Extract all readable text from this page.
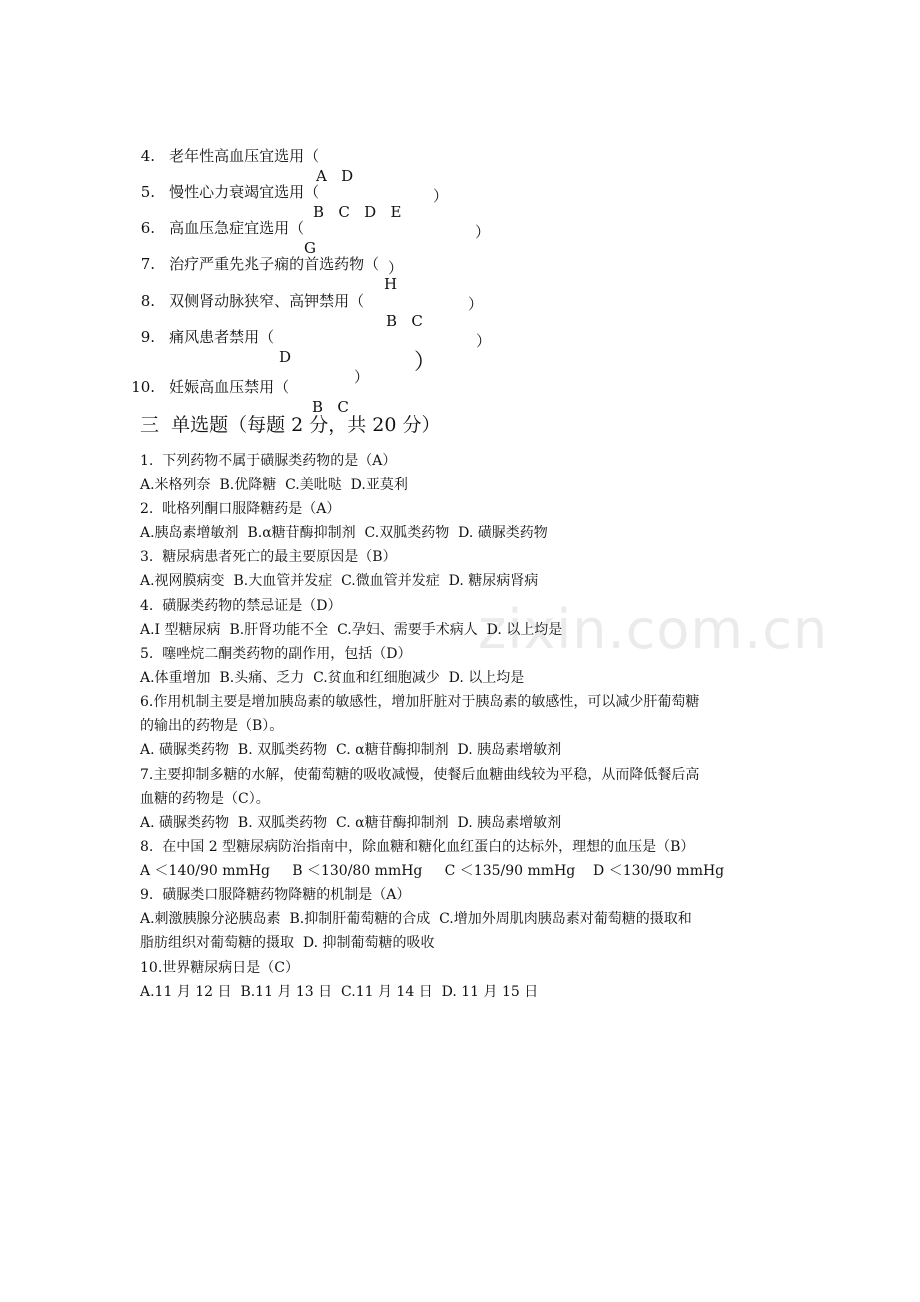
4. 老年性高血压宜选用（

A   D

）

5. 慢性心力衰竭宜选用（

B   C   D   E

）

6. 高血压急症宜选用（

G

）

7. 治疗严重先兆子痫的首选药物（

H

）

8. 双侧肾动脉狭窄、高钾禁用（

B   C

）

9. 痛风患者禁用（

D

）

10. 妊娠高血压禁用（

B   C

）

三  单选题（每题 2 分，共 20 分）
1.  下列药物不属于磺脲类药物的是（A）
A.米格列奈  B.优降糖  C.美吡哒  D.亚莫利
2.  吡格列酮口服降糖药是（A）
A.胰岛素增敏剂  B.α糖苷酶抑制剂  C.双胍类药物  D. 磺脲类药物
3.  糖尿病患者死亡的最主要原因是（B）
A.视网膜病变  B.大血管并发症  C.微血管并发症  D. 糖尿病肾病
4.  磺脲类药物的禁忌证是（D）
A.I 型糖尿病  B.肝肾功能不全  C.孕妇、需要手术病人  D. 以上均是
5.  噻唑烷二酮类药物的副作用，包括（D）
A.体重增加  B.头痛、乏力  C.贫血和红细胞减少  D. 以上均是
6.作用机制主要是增加胰岛素的敏感性，增加肝脏对于胰岛素的敏感性，可以减少肝葡萄糖
的输出的药物是（B）。
A. 磺脲类药物  B. 双胍类药物  C. α糖苷酶抑制剂  D. 胰岛素增敏剂
7.主要抑制多糖的水解，使葡萄糖的吸收减慢，使餐后血糖曲线较为平稳，从而降低餐后高
血糖的药物是（C）。
A. 磺脲类药物  B. 双胍类药物  C. α糖苷酶抑制剂  D. 胰岛素增敏剂
8.  在中国 2 型糖尿病防治指南中，除血糖和糖化血红蛋白的达标外，理想的血压是（B）
A ＜140/90 mmHg     B ＜130/80 mmHg     C ＜135/90 mmHg    D ＜130/90 mmHg
9.  磺脲类口服降糖药物降糖的机制是（A）
A.刺激胰腺分泌胰岛素  B.抑制肝葡萄糖的合成  C.增加外周肌肉胰岛素对葡萄糖的摄取和
脂肪组织对葡萄糖的摄取  D. 抑制葡萄糖的吸收
10.世界糖尿病日是（C）
A.11 月 12 日  B.11 月 13 日  C.11 月 14 日  D. 11 月 15 日
zixin.com.cn
